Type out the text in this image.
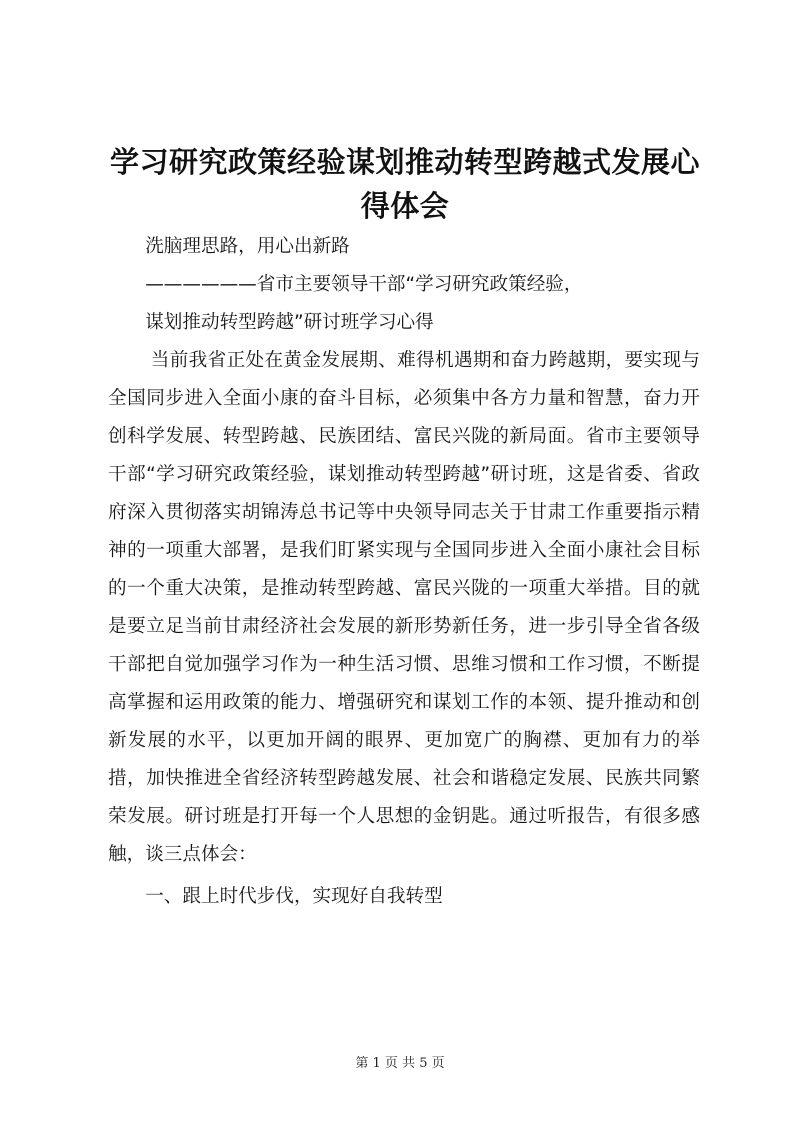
学习研究政策经验谋划推动转型跨越式发展心得体会

洗脑理思路，用心出新路

——————省市主要领导干部“学习研究政策经验，

谋划推动转型跨越”研讨班学习心得

当前我省正处在黄金发展期、难得机遇期和奋力跨越期，要实现与全国同步进入全面小康的奋斗目标，必须集中各方力量和智慧，奋力开创科学发展、转型跨越、民族团结、富民兴陇的新局面。省市主要领导干部“学习研究政策经验，谋划推动转型跨越”研讨班，这是省委、省政府深入贯彻落实胡锦涛总书记等中央领导同志关于甘肃工作重要指示精神的一项重大部署，是我们盯紧实现与全国同步进入全面小康社会目标的一个重大决策，是推动转型跨越、富民兴陇的一项重大举措。目的就是要立足当前甘肃经济社会发展的新形势新任务，进一步引导全省各级干部把自觉加强学习作为一种生活习惯、思维习惯和工作习惯，不断提高掌握和运用政策的能力、增强研究和谋划工作的本领、提升推动和创新发展的水平，以更加开阔的眼界、更加宽广的胸襟、更加有力的举措，加快推进全省经济转型跨越发展、社会和谐稳定发展、民族共同繁荣发展。研讨班是打开每一个人思想的金钥匙。通过听报告，有很多感触，谈三点体会：

一、跟上时代步伐，实现好自我转型

第 1 页 共 5 页
